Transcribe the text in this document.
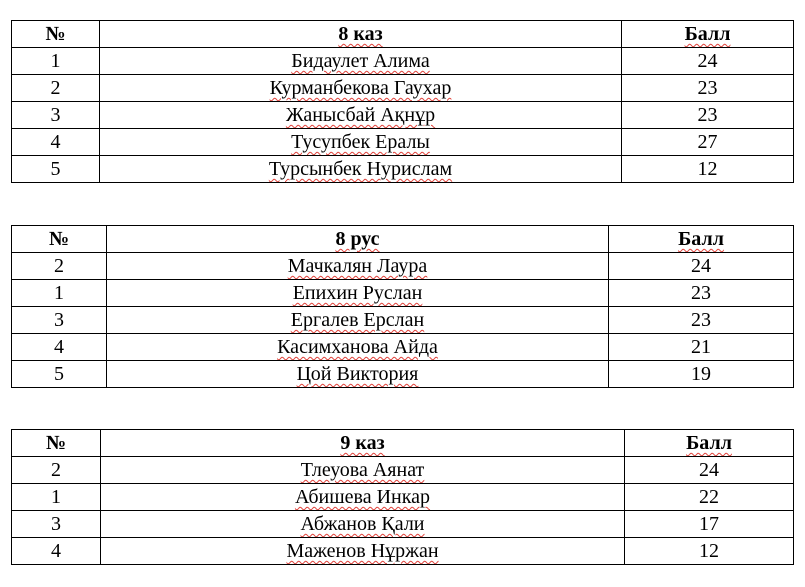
№	8 каз	Балл
1	Бидаулет Алима	24
2	Курманбекова Гаухар	23
3	Жанысбай Ақнұр	23
4	Тусупбек Ералы	27
5	Турсынбек Нурислам	12
№	8 рус	Балл
2	Мачкалян Лаура	24
1	Епихин Руслан	23
3	Ергалев Ерслан	23
4	Касимханова Айда	21
5	Цой Виктория	19
№	9 каз	Балл
2	Тлеуова Аянат	24
1	Абишева Инкар	22
3	Абжанов Қали	17
4	Маженов Нұржан	12
